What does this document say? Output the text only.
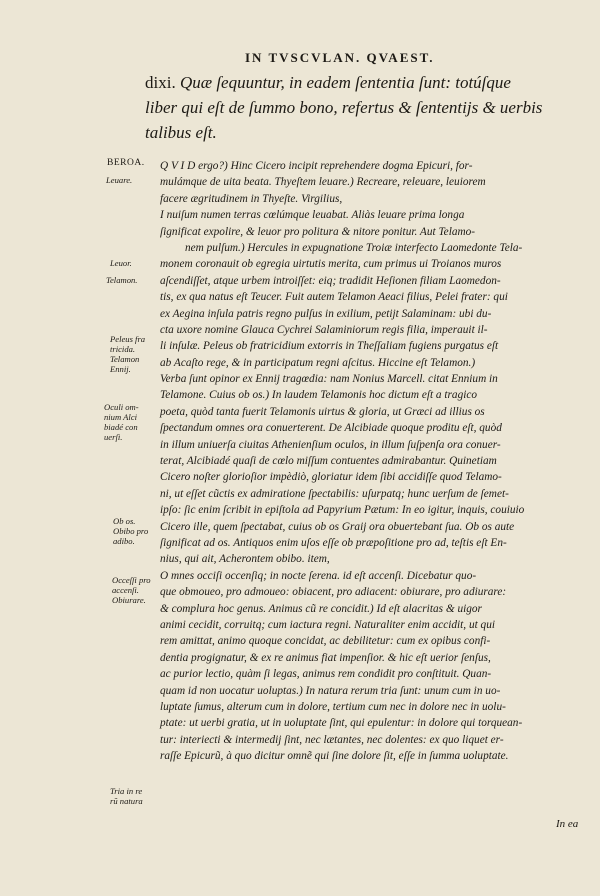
IN TVSCVLAN. QVAEST.
dixi. Quæ ſequuntur, in eadem ſententia ſunt: totúſque liber qui eſt de ſummo bono, refertus & ſententijs & uerbis talibus eſt.
BEROA.
Leuare.
Leuor.
Telamon.
Peleus fra
tricida.
Telamon
Ennij.
Oculi om-
nium Alci
biadé con
uerſi.
Ob os.
Obibo pro
adibo.
Occeſſi pro
accenſi.
Obiurare.
Tria in re
rũ natura
Q V I D ergo?) Hinc Cicero incipit reprehendere dogma Epicuri, for-
mulámque de uita beata. Thyeſtem leuare.) Recreare, releuare, leuiorem
facere ægritudinem in Thyeſte. Virgilius,
I nuiſum numen terras cœlúmque leuabat. Aliàs leuare prima longa
ſignificat expolire, & leuor pro politura & nitore ponitur. Aut Telamo-
nem pulſum.) Hercules in expugnatione Troiæ interfecto Laomedonte Tela-
monem coronauit ob egregia uirtutis merita, cum primus ui Troianos muros
aſcendiſſet, atque urbem introiſſet: eiq; tradidit Heſionen filiam Laomedon-
tis, ex qua natus eſt Teucer. Fuit autem Telamon Aeaci filius, Pelei frater: qui
ex Aegina inſula patris regno pulſus in exilium, petijt Salaminam: ubi du-
cta uxore nomine Glauca Cychrei Salaminiorum regis filia, imperauit il-
li inſulæ. Peleus ob fratricidium extorris in Theſſaliam fugiens purgatus eſt
ab Acaſto rege, & in participatum regni aſcitus. Hiccine eſt Telamon.)
Verba ſunt opinor ex Ennij tragœdia: nam Nonius Marcell. citat Ennium in
Telamone. Cuius ob os.) In laudem Telamonis hoc dictum eſt a tragico
poeta, quòd tanta fuerit Telamonis uirtus & gloria, ut Græci ad illius os
ſpectandum omnes ora conuerterent. De Alcibiade quoque proditu eſt, quòd
in illum uniuerſa ciuitas Athenienſium oculos, in illum ſuſpenſa ora conuer-
terat, Alcibiadé quaſi de cœlo miſſum contuentes admirabantur. Quinetiam
Cicero noſter glorioſior impèdiò, gloriatur idem ſibi accidiſſe quod Telamo-
ni, ut eſſet cũctis ex admiratione ſpectabilis: uſurpatq; hunc uerſum de ſemet-
ipſo: ſic enim ſcribit in epiſtola ad Papyrium Pætum: In eo igitur, inquis, couiuio
Cicero ille, quem ſpectabat, cuius ob os Graij ora obuertebant ſua. Ob os aute
ſignificat ad os. Antiquos enim uſos eſſe ob præpoſitione pro ad, teſtis eſt En-
nius, qui ait, Acherontem obibo. item,
O mnes occiſi occenſiq; in nocte ſerena. id eſt accenſi. Dicebatur quo-
que obmoueo, pro admoueo: obiacent, pro adiacent: obiurare, pro adiurare:
& complura hoc genus. Animus cũ re concidit.) Id eſt alacritas & uigor
animi cecidit, corruitq; cum iactura regni. Naturaliter enim accidit, ut qui
rem amittat, animo quoque concidat, ac debilitetur: cum ex opibus confi-
dentia progignatur, & ex re animus fiat impenſior. & hic eſt uerior ſenſus,
ac purior lectio, quàm ſi legas, animus rem condidit pro conſtituit. Quan-
quam id non uocatur uoluptas.) In natura rerum tria ſunt: unum cum in uo-
luptate ſumus, alterum cum in dolore, tertium cum nec in dolore nec in uolu-
ptate: ut uerbi gratia, ut in uoluptate ſint, qui epulentur: in dolore qui torquean-
tur: interiecti & intermedij ſint, nec lætantes, nec dolentes: ex quo liquet er-
raſſe Epicurũ, à quo dicitur omnẽ qui ſine dolore ſit, eſſe in ſumma uoluptate.
In ea
